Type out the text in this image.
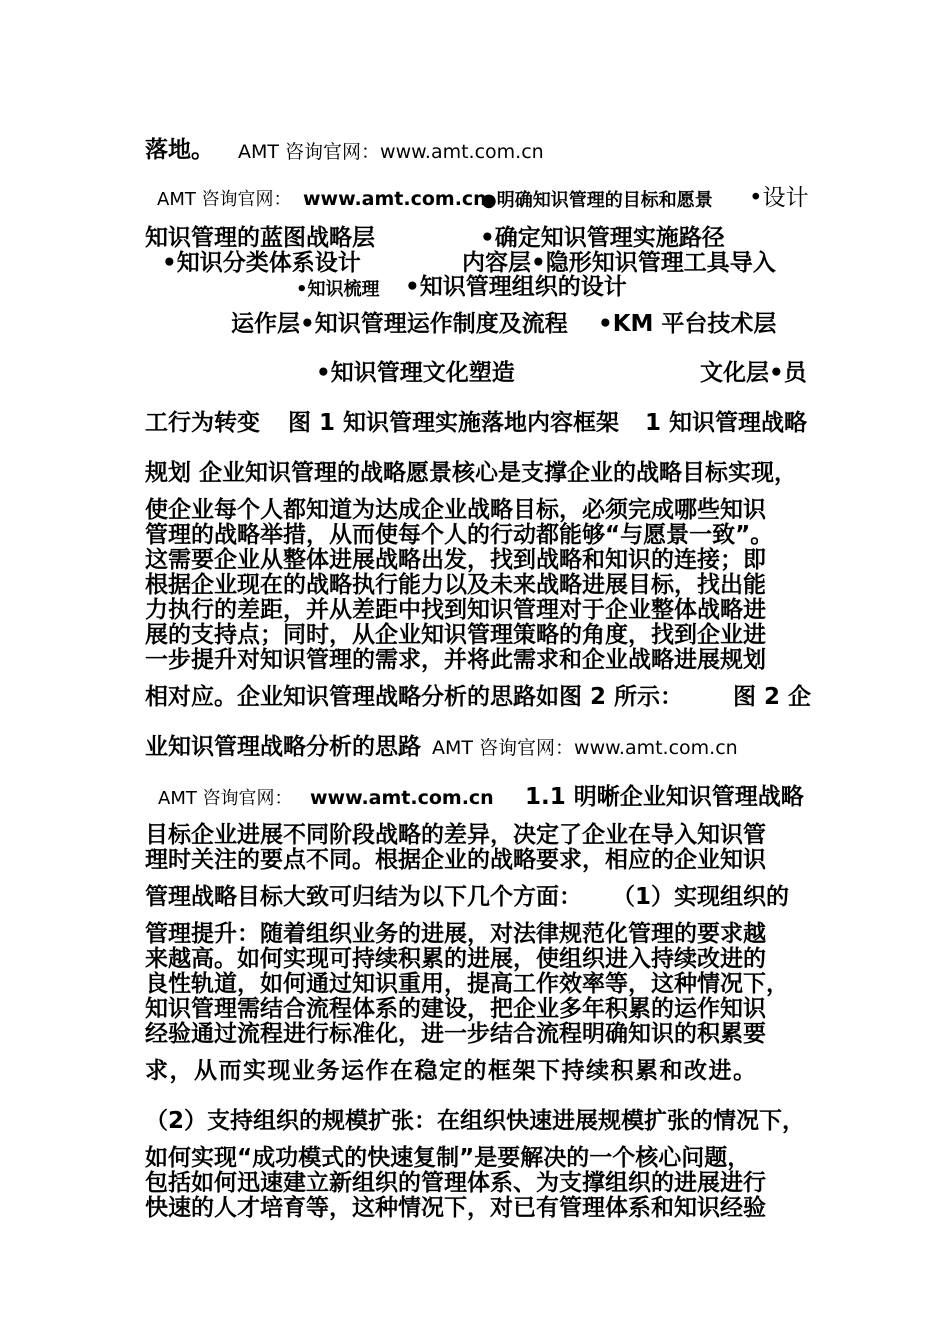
落地。 AMT 咨询官网：www.amt.com.cn
AMT 咨询官网： www.amt.com.cn
●明确知识管理的目标和愿景 •设计
知识管理的蓝图战略层	•确定知识管理实施路径
•知识分类体系设计	内容层•隐形知识管理工具导入
•知识梳理 •知识管理组织的设计
运作层•知识管理运作制度及流程 •KM 平台技术层
•知识管理文化塑造	文化层•员
工行为转变 图 1 知识管理实施落地内容框架 1 知识管理战略
规划 企业知识管理的战略愿景核心是支撑企业的战略目标实现，
使企业每个人都知道为达成企业战略目标，必须完成哪些知识
管理的战略举措，从而使每个人的行动都能够“与愿景一致”。
这需要企业从整体进展战略出发，找到战略和知识的连接；即
根据企业现在的战略执行能力以及未来战略进展目标，找出能
力执行的差距，并从差距中找到知识管理对于企业整体战略进
展的支持点；同时，从企业知识管理策略的角度，找到企业进
一步提升对知识管理的需求，并将此需求和企业战略进展规划
相对应。企业知识管理战略分析的思路如图 2 所示： 图 2 企
业知识管理战略分析的思路 AMT 咨询官网：www.amt.com.cn
AMT 咨询官网： www.amt.com.cn 1.1 明晰企业知识管理战略
目标企业进展不同阶段战略的差异，决定了企业在导入知识管
理时关注的要点不同。根据企业的战略要求，相应的企业知识
管理战略目标大致可归结为以下几个方面： （1）实现组织的
管理提升：随着组织业务的进展，对法律规范化管理的要求越
来越高。如何实现可持续积累的进展，使组织进入持续改进的
良性轨道，如何通过知识重用，提高工作效率等，这种情况下，
知识管理需结合流程体系的建设，把企业多年积累的运作知识
经验通过流程进行标准化，进一步结合流程明确知识的积累要
求，从而实现业务运作在稳定的框架下持续积累和改进。
（2）支持组织的规模扩张：在组织快速进展规模扩张的情况下，
如何实现“成功模式的快速复制”是要解决的一个核心问题，
包括如何迅速建立新组织的管理体系、为支撑组织的进展进行
快速的人才培育等，这种情况下，对已有管理体系和知识经验
